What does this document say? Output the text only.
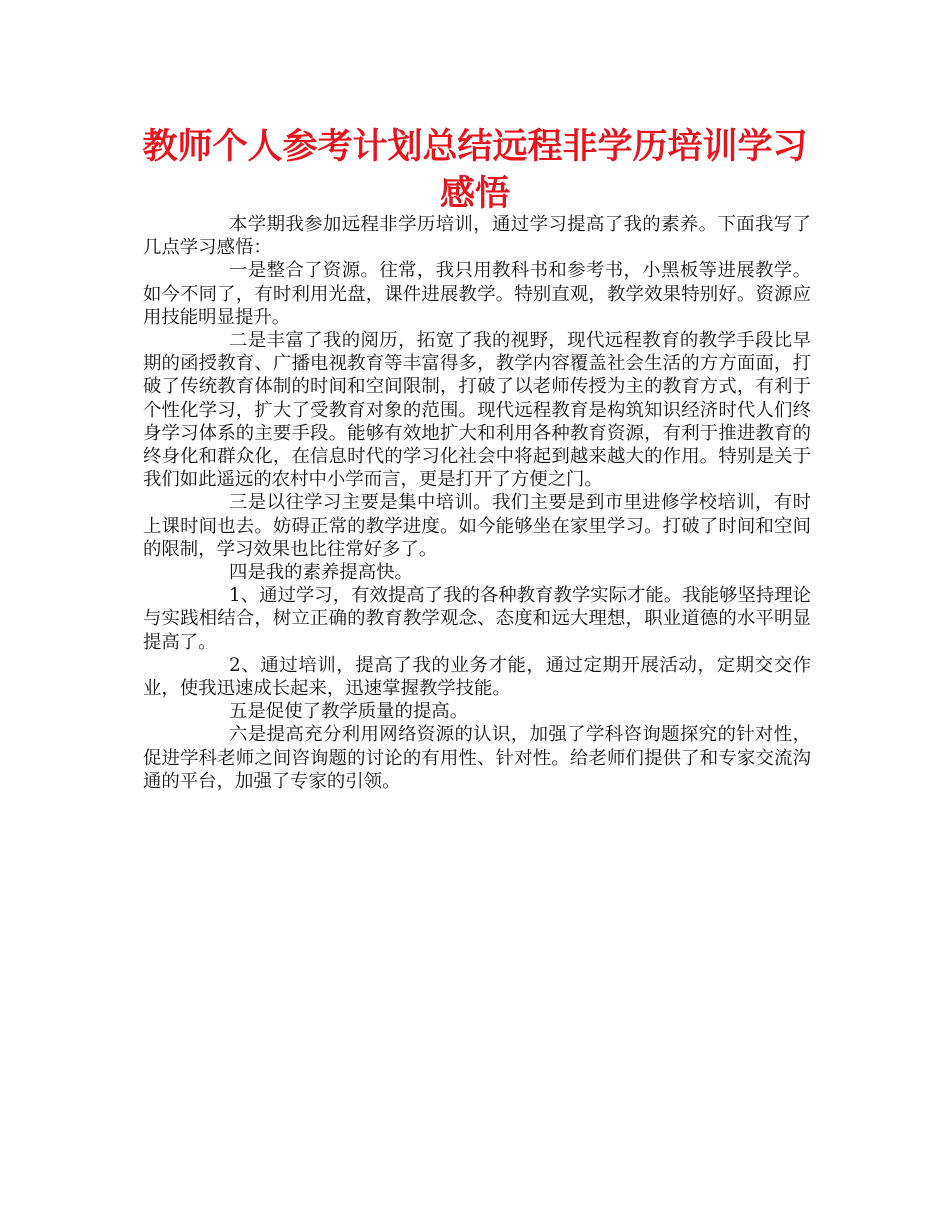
教师个人参考计划总结远程非学历培训学习感悟

本学期我参加远程非学历培训，通过学习提高了我的素养。下面我写了几点学习感悟：

一是整合了资源。往常，我只用教科书和参考书，小黑板等进展教学。如今不同了，有时利用光盘，课件进展教学。特别直观，教学效果特别好。资源应用技能明显提升。

二是丰富了我的阅历，拓宽了我的视野，现代远程教育的教学手段比早期的函授教育、广播电视教育等丰富得多，教学内容覆盖社会生活的方方面面，打破了传统教育体制的时间和空间限制，打破了以老师传授为主的教育方式，有利于个性化学习，扩大了受教育对象的范围。现代远程教育是构筑知识经济时代人们终身学习体系的主要手段。能够有效地扩大和利用各种教育资源，有利于推进教育的终身化和群众化，在信息时代的学习化社会中将起到越来越大的作用。特别是关于我们如此遥远的农村中小学而言，更是打开了方便之门。

三是以往学习主要是集中培训。我们主要是到市里进修学校培训，有时上课时间也去。妨碍正常的教学进度。如今能够坐在家里学习。打破了时间和空间的限制，学习效果也比往常好多了。

四是我的素养提高快。

1、通过学习，有效提高了我的各种教育教学实际才能。我能够坚持理论与实践相结合，树立正确的教育教学观念、态度和远大理想，职业道德的水平明显提高了。

2、通过培训，提高了我的业务才能，通过定期开展活动，定期交交作业，使我迅速成长起来，迅速掌握教学技能。

五是促使了教学质量的提高。

六是提高充分利用网络资源的认识，加强了学科咨询题探究的针对性，促进学科老师之间咨询题的讨论的有用性、针对性。给老师们提供了和专家交流沟通的平台，加强了专家的引领。
